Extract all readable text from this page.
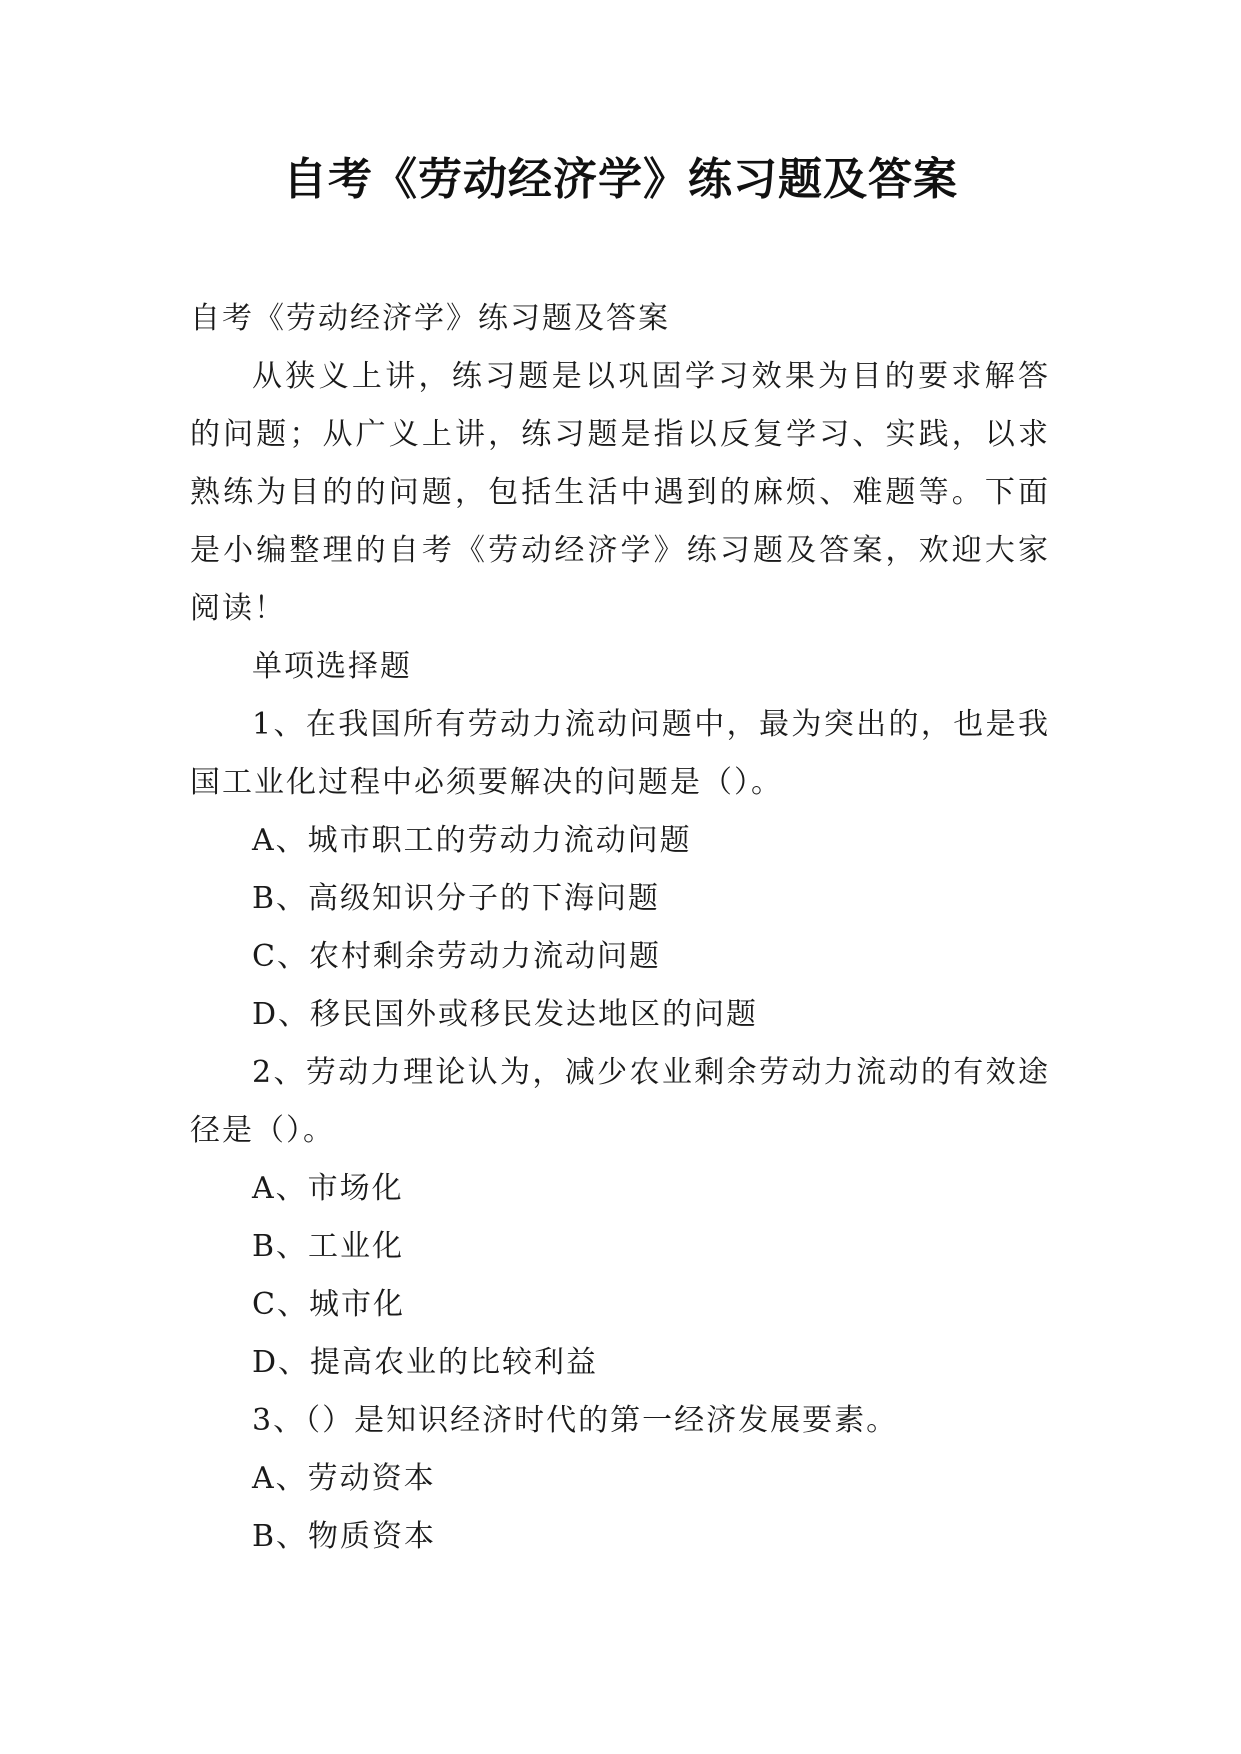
自考《劳动经济学》练习题及答案

自考《劳动经济学》练习题及答案

从狭义上讲，练习题是以巩固学习效果为目的要求解答的问题；从广义上讲，练习题是指以反复学习、实践，以求熟练为目的的问题，包括生活中遇到的麻烦、难题等。下面是小编整理的自考《劳动经济学》练习题及答案，欢迎大家阅读！

单项选择题

1、在我国所有劳动力流动问题中，最为突出的，也是我国工业化过程中必须要解决的问题是（）。

A、城市职工的劳动力流动问题

B、高级知识分子的下海问题

C、农村剩余劳动力流动问题

D、移民国外或移民发达地区的问题

2、劳动力理论认为，减少农业剩余劳动力流动的有效途径是（）。

A、市场化

B、工业化

C、城市化

D、提高农业的比较利益

3、（）是知识经济时代的第一经济发展要素。

A、劳动资本

B、物质资本
